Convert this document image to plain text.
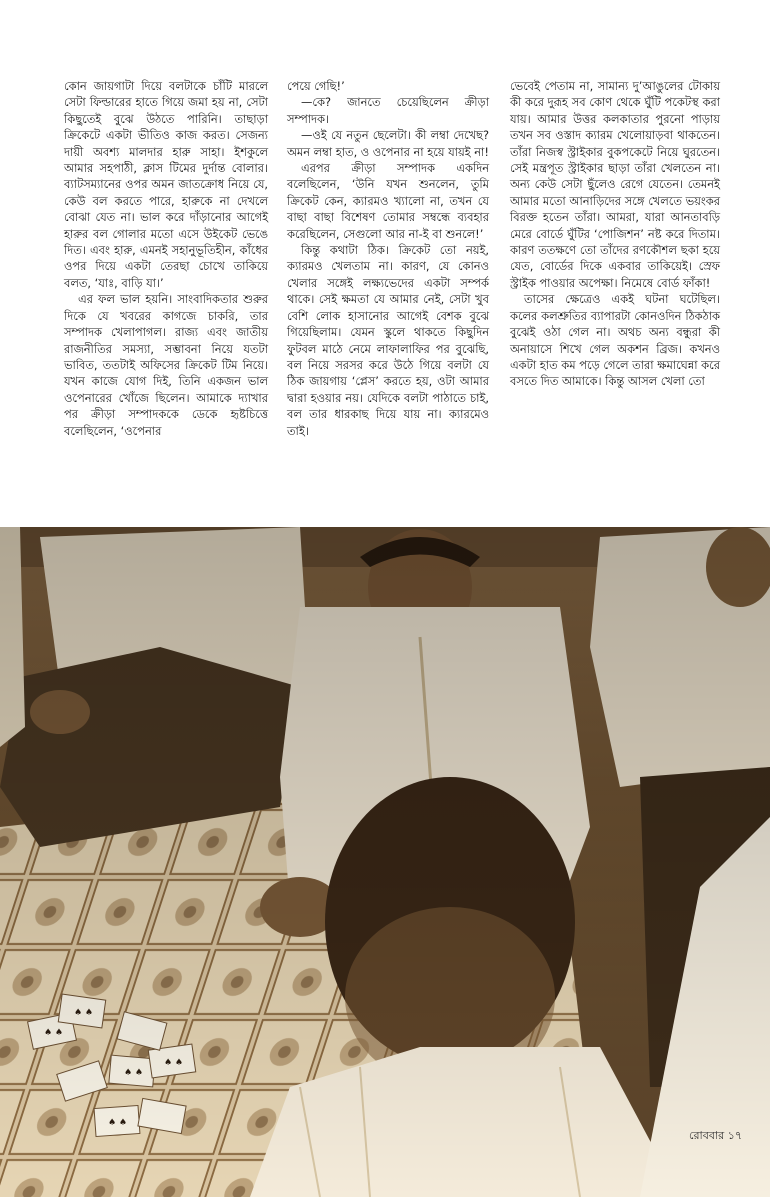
কোন জায়গাটা দিয়ে বলটাকে চাঁটি মারলে সেটা ফিল্ডারের হাতে গিয়ে জমা হয় না, সেটা কিছুতেই বুঝে উঠতে পারিনি। তাছাড়া ক্রিকেটে একটা ভীতিও কাজ করত। সেজন্য দায়ী অবশ্য মালদার হারু সাহা। ইশকুলে আমার সহপাঠী, ক্লাস টিমের দুর্দান্ত বোলার। ব্যাটসম্যানের ওপর অমন জাতক্রোধ নিয়ে যে, কেউ বল করতে পারে, হারুকে না দেখলে বোঝা যেত না। ভাল করে দাঁড়ানোর আগেই হারুর বল গোলার মতো এসে উইকেট ভেঙে দিত। এবং হারু, এমনই সহানুভূতিহীন, কাঁধের ওপর দিয়ে একটা তেরছা চোখে তাকিয়ে বলত, ‘যাঃ, বাড়ি যা।’

এর ফল ভাল হয়নি। সাংবাদিকতার শুরুর দিকে যে খবরের কাগজে চাকরি, তার সম্পাদক খেলাপাগল। রাজ্য এবং জাতীয় রাজনীতির সমস্যা, সম্ভাবনা নিয়ে যতটা ভাবিত, ততটাই অফিসের ক্রিকেট টিম নিয়ে। যখন কাজে যোগ দিই, তিনি একজন ভাল ওপেনারের খোঁজে ছিলেন। আমাকে দ্যাখার পর ক্রীড়া সম্পাদককে ডেকে হৃষ্টচিত্তে বলেছিলেন, ‘ওপেনার

পেয়ে গেছি!’

—কে? জানতে চেয়েছিলেন ক্রীড়া সম্পাদক।

—ওই যে নতুন ছেলেটা। কী লম্বা দেখেছ? অমন লম্বা হাত, ও ওপেনার না হয়ে যায়ই না!

এরপর ক্রীড়া সম্পাদক একদিন বলেছিলেন, ‘উনি যখন শুনলেন, তুমি ক্রিকেট কেন, ক্যারমও খ্যালো না, তখন যে বাছা বাছা বিশেষণ তোমার সম্বন্ধে ব্যবহার করেছিলেন, সেগুলো আর না-ই বা শুনলে!’

কিন্তু কথাটা ঠিক। ক্রিকেট তো নয়ই, ক্যারমও খেলতাম না। কারণ, যে কোনও খেলার সঙ্গেই লক্ষ্যভেদের একটা সম্পর্ক থাকে। সেই ক্ষমতা যে আমার নেই, সেটা খুব বেশি লোক হাসানোর আগেই বেশক বুঝে গিয়েছিলাম। যেমন স্কুলে থাকতে কিছুদিন ফুটবল মাঠে নেমে লাফালাফির পর বুঝেছি, বল নিয়ে সরসর করে উঠে গিয়ে বলটা যে ঠিক জায়গায় ‘প্লেস’ করতে হয়, ওটা আমার দ্বারা হওয়ার নয়। যেদিকে বলটা পাঠাতে চাই, বল তার ধারকাছ দিয়ে যায় না। ক্যারমেও তাই।

ভেবেই পেতাম না, সামান্য দু’আঙুলের টোকায় কী করে দুরূহ সব কোণ থেকে ঘুঁটি পকেটস্থ করা যায়। আমার উত্তর কলকাতার পুরনো পাড়ায় তখন সব ওস্তাদ ক্যারম খেলোয়াড়বা থাকতেন। তাঁরা নিজস্ব স্ট্রাইকার বুকপকেটে নিয়ে ঘুরতেন। সেই মন্ত্রপূত স্ট্রাইকার ছাড়া তাঁরা খেলতেন না। অন্য কেউ সেটা ছুঁলেও রেগে যেতেন। তেমনই আমার মতো আনাড়িদের সঙ্গে খেলতে ভয়ংকর বিরক্ত হতেন তাঁরা। আমরা, যারা আনতাবড়ি মেরে বোর্ডে ঘুঁটির ‘পোজিশন’ নষ্ট করে দিতাম। কারণ ততক্ষণে তো তাঁদের রণকৌশল ছকা হয়ে যেত, বোর্ডের দিকে একবার তাকিয়েই। স্রেফ স্ট্রাইক পাওয়ার অপেক্ষা। নিমেষে বোর্ড ফাঁকা!

তাসের ক্ষেত্রেও একই ঘটনা ঘটেছিল। কলের কলশ্রুতির ব্যাপারটা কোনওদিন ঠিকঠাক বুঝেই ওঠা গেল না। অথচ অন্য বন্ধুরা কী অনায়াসে শিখে গেল অকশন ব্রিজ। কখনও একটা হাত কম পড়ে গেলে তারা ক্ষমাঘেন্না করে বসতে দিত আমাকে। কিন্তু আসল খেলা তো

রোববার ১৭
